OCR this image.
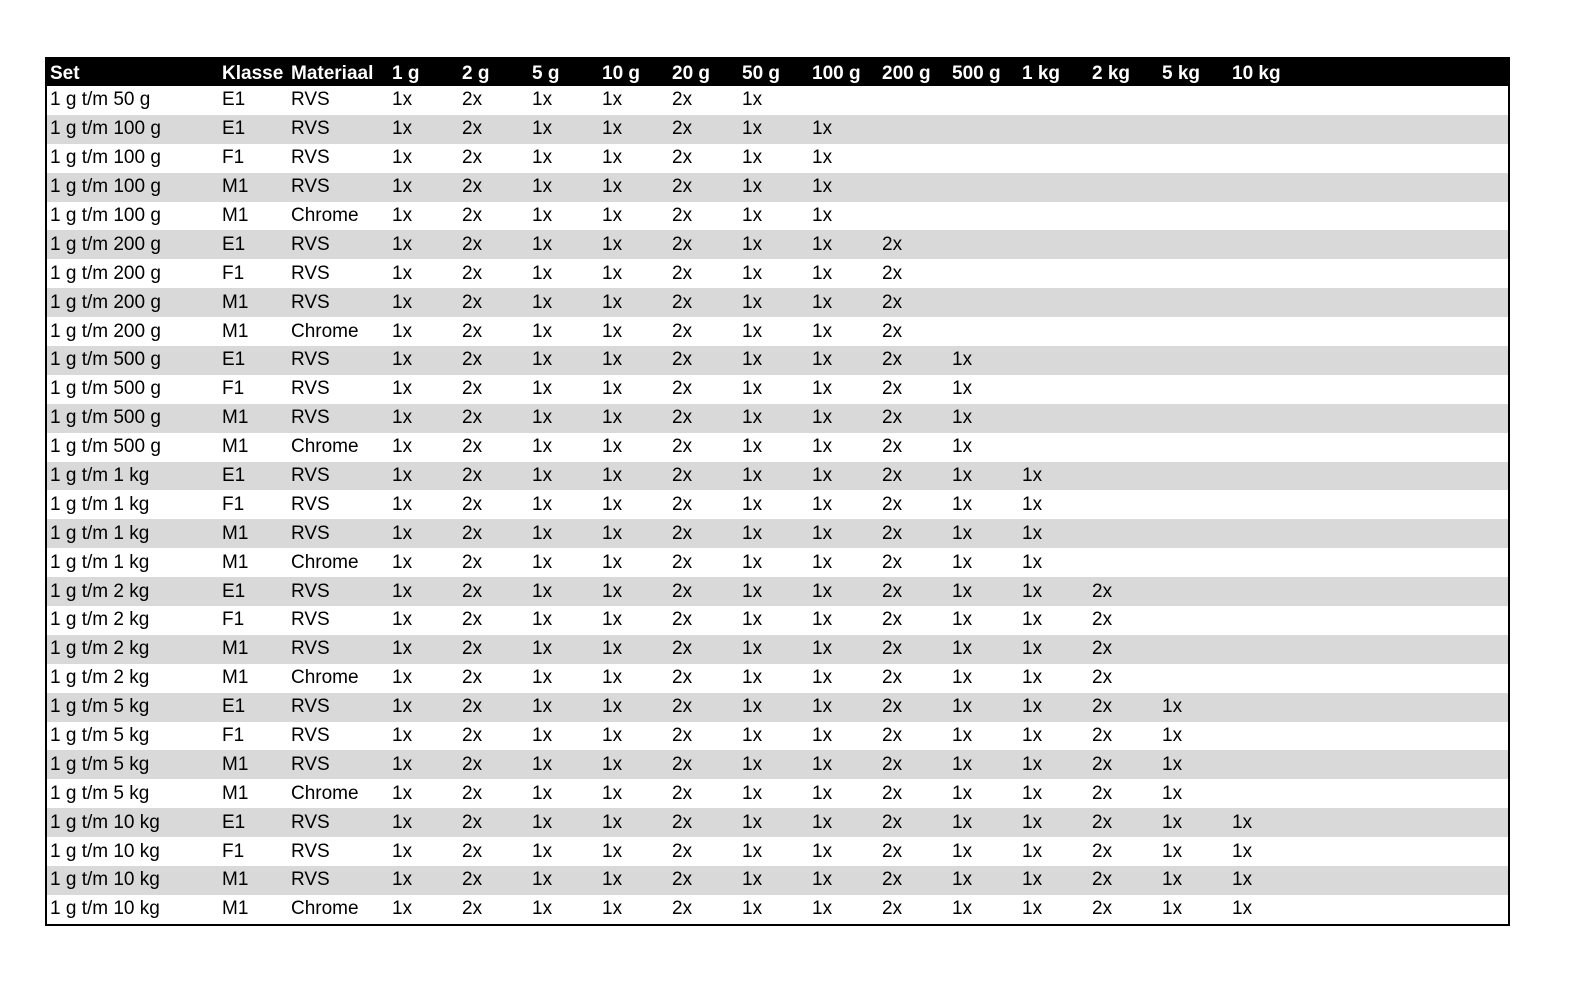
Set	Klasse	Materiaal	1 g	2 g	5 g	10 g	20 g	50 g	100 g	200 g	500 g	1 kg	2 kg	5 kg	10 kg
1 g t/m 50 g	E1	RVS	1x	2x	1x	1x	2x	1x							
1 g t/m 100 g	E1	RVS	1x	2x	1x	1x	2x	1x	1x						
1 g t/m 100 g	F1	RVS	1x	2x	1x	1x	2x	1x	1x						
1 g t/m 100 g	M1	RVS	1x	2x	1x	1x	2x	1x	1x						
1 g t/m 100 g	M1	Chrome	1x	2x	1x	1x	2x	1x	1x						
1 g t/m 200 g	E1	RVS	1x	2x	1x	1x	2x	1x	1x	2x					
1 g t/m 200 g	F1	RVS	1x	2x	1x	1x	2x	1x	1x	2x					
1 g t/m 200 g	M1	RVS	1x	2x	1x	1x	2x	1x	1x	2x					
1 g t/m 200 g	M1	Chrome	1x	2x	1x	1x	2x	1x	1x	2x					
1 g t/m 500 g	E1	RVS	1x	2x	1x	1x	2x	1x	1x	2x	1x				
1 g t/m 500 g	F1	RVS	1x	2x	1x	1x	2x	1x	1x	2x	1x				
1 g t/m 500 g	M1	RVS	1x	2x	1x	1x	2x	1x	1x	2x	1x				
1 g t/m 500 g	M1	Chrome	1x	2x	1x	1x	2x	1x	1x	2x	1x				
1 g t/m 1 kg	E1	RVS	1x	2x	1x	1x	2x	1x	1x	2x	1x	1x			
1 g t/m 1 kg	F1	RVS	1x	2x	1x	1x	2x	1x	1x	2x	1x	1x			
1 g t/m 1 kg	M1	RVS	1x	2x	1x	1x	2x	1x	1x	2x	1x	1x			
1 g t/m 1 kg	M1	Chrome	1x	2x	1x	1x	2x	1x	1x	2x	1x	1x			
1 g t/m 2 kg	E1	RVS	1x	2x	1x	1x	2x	1x	1x	2x	1x	1x	2x		
1 g t/m 2 kg	F1	RVS	1x	2x	1x	1x	2x	1x	1x	2x	1x	1x	2x		
1 g t/m 2 kg	M1	RVS	1x	2x	1x	1x	2x	1x	1x	2x	1x	1x	2x		
1 g t/m 2 kg	M1	Chrome	1x	2x	1x	1x	2x	1x	1x	2x	1x	1x	2x		
1 g t/m 5 kg	E1	RVS	1x	2x	1x	1x	2x	1x	1x	2x	1x	1x	2x	1x	
1 g t/m 5 kg	F1	RVS	1x	2x	1x	1x	2x	1x	1x	2x	1x	1x	2x	1x	
1 g t/m 5 kg	M1	RVS	1x	2x	1x	1x	2x	1x	1x	2x	1x	1x	2x	1x	
1 g t/m 5 kg	M1	Chrome	1x	2x	1x	1x	2x	1x	1x	2x	1x	1x	2x	1x	
1 g t/m 10 kg	E1	RVS	1x	2x	1x	1x	2x	1x	1x	2x	1x	1x	2x	1x	1x
1 g t/m 10 kg	F1	RVS	1x	2x	1x	1x	2x	1x	1x	2x	1x	1x	2x	1x	1x
1 g t/m 10 kg	M1	RVS	1x	2x	1x	1x	2x	1x	1x	2x	1x	1x	2x	1x	1x
1 g t/m 10 kg	M1	Chrome	1x	2x	1x	1x	2x	1x	1x	2x	1x	1x	2x	1x	1x
